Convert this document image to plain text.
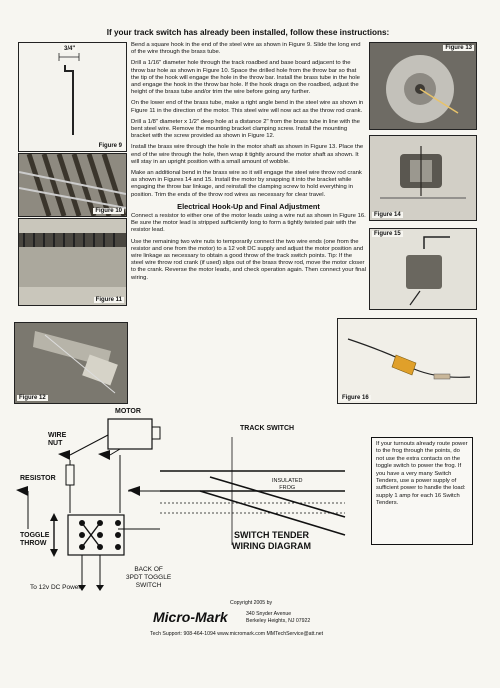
If your track switch has already been installed, follow these instructions:
3/4"
Figure 9
Figure 10
Figure 11
Figure 12
Figure 13
Figure 14
Figure 15
Figure 16

Bend a square hook in the end of the steel wire as shown in Figure 9. Slide the long end of the wire through the brass tube.

Drill a 1/16" diameter hole through the track roadbed and base board adjacent to the throw bar hole as shown in Figure 10. Space the drilled hole from the throw bar so that the tip of the hook will engage the hole in the throw bar. Install the brass tube in the hole and engage the hook in the throw bar hole. If the hook drags on the roadbed, adjust the height of the brass tube and/or trim the wire before going any further.

On the lower end of the brass tube, make a right angle bend in the steel wire as shown in Figure 11 in the direction of the motor. This steel wire will now act as the throw rod crank.

Drill a 1/8" diameter x 1/2" deep hole at a distance 2" from the brass tube in line with the bent steel wire. Remove the mounting bracket clamping screw. Install the mounting bracket with the screw provided as shown in Figure 12.

Install the brass wire through the hole in the motor shaft as shown in Figure 13. Place the end of the wire through the hole, then wrap it tightly around the motor shaft as shown. It will stay in an upright position with a small amount of wobble.

Make an additional bend in the brass wire so it will engage the steel wire throw rod crank as shown in Figures 14 and 15. Install the motor by snapping it into the bracket while engaging the throw bar linkage, and reinstall the clamping screw to hold everything in position. Trim the ends of the throw rod wires as necessary for clear travel.

Electrical Hook-Up and Final Adjustment

Connect a resistor to either one of the motor leads using a wire nut as shown in Figure 16. Be sure the motor lead is stripped sufficiently long to form a tightly twisted pair with the resistor lead.

Use the remaining two wire nuts to temporarily connect the two wire ends (one from the resistor and one from the motor) to a 12 volt DC supply and adjust the motor position and wire linkage as necessary to obtain a good throw of the track switch points. Tip: If the steel wire throw rod crank (if used) slips out of the brass throw rod, move the motor closer to the crank. Reverse the motor leads, and check operation again. Then connect your final wiring.

MOTOR
WIRE
NUT
RESISTOR
TRACK SWITCH
INSULATED
FROG
TOGGLE
THROW
SWITCH TENDER
WIRING DIAGRAM
BACK OF
3PDT TOGGLE
SWITCH
To 12v DC Power
If your turnouts already route power to the frog through the points, do not use the extra contacts on the toggle switch to power the frog. If you have a very many Switch Tenders, use a power supply of sufficient power to handle the load: supply 1 amp for each 16 Switch Tenders.
Copyright 2005 by
Micro-Mark	340 Snyder Avenue
Berkeley Heights, NJ 07922
Tech Support: 908-464-1094 www.micromark.com MMTechService@att.net
